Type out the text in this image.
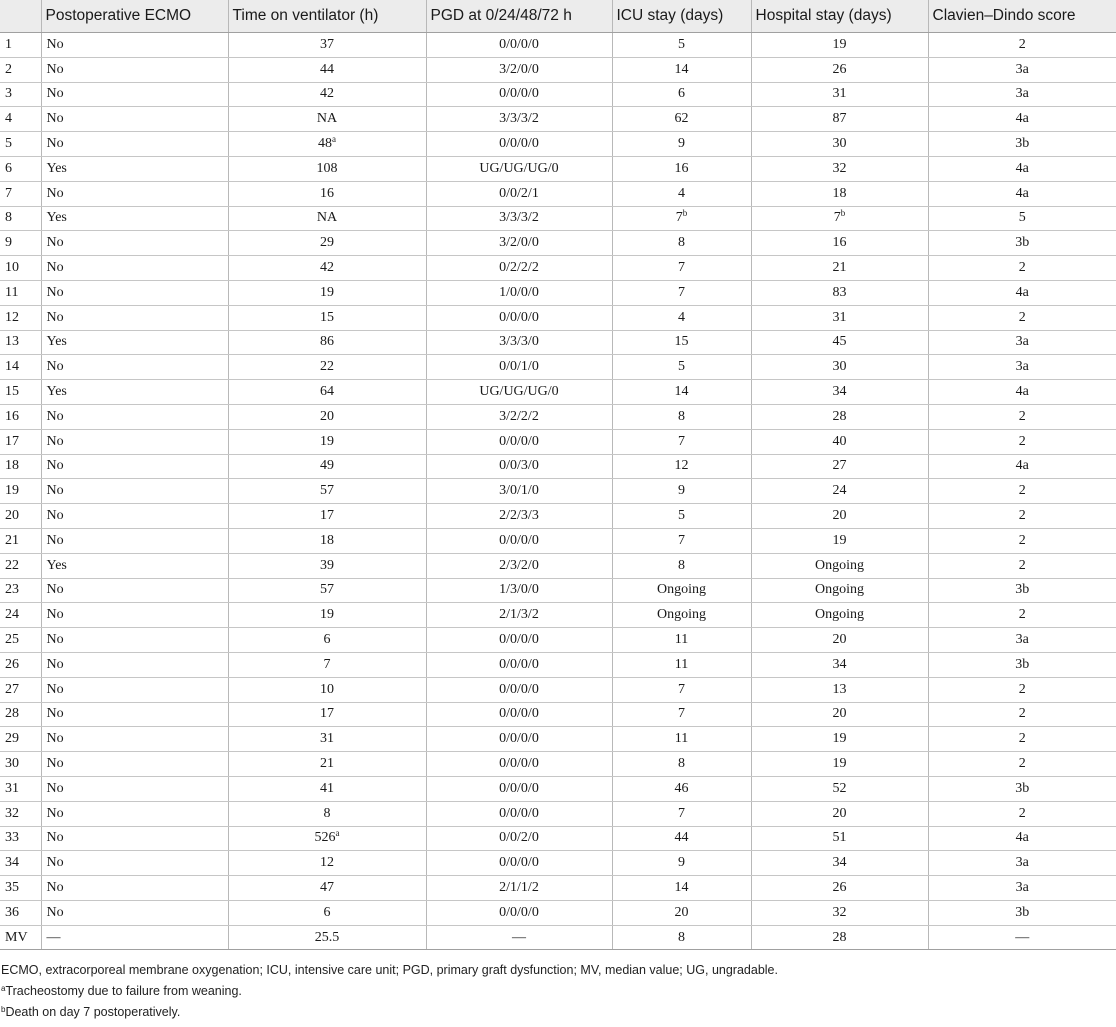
	Postoperative ECMO	Time on ventilator (h)	PGD at 0/24/48/72 h	ICU stay (days)	Hospital stay (days)	Clavien–Dindo score
1	No	37	0/0/0/0	5	19	2
2	No	44	3/2/0/0	14	26	3a
3	No	42	0/0/0/0	6	31	3a
4	No	NA	3/3/3/2	62	87	4a
5	No	48$^a$	0/0/0/0	9	30	3b
6	Yes	108	UG/UG/UG/0	16	32	4a
7	No	16	0/0/2/1	4	18	4a
8	Yes	NA	3/3/3/2	7$^b$	7$^b$	5
9	No	29	3/2/0/0	8	16	3b
10	No	42	0/2/2/2	7	21	2
11	No	19	1/0/0/0	7	83	4a
12	No	15	0/0/0/0	4	31	2
13	Yes	86	3/3/3/0	15	45	3a
14	No	22	0/0/1/0	5	30	3a
15	Yes	64	UG/UG/UG/0	14	34	4a
16	No	20	3/2/2/2	8	28	2
17	No	19	0/0/0/0	7	40	2
18	No	49	0/0/3/0	12	27	4a
19	No	57	3/0/1/0	9	24	2
20	No	17	2/2/3/3	5	20	2
21	No	18	0/0/0/0	7	19	2
22	Yes	39	2/3/2/0	8	Ongoing	2
23	No	57	1/3/0/0	Ongoing	Ongoing	3b
24	No	19	2/1/3/2	Ongoing	Ongoing	2
25	No	6	0/0/0/0	11	20	3a
26	No	7	0/0/0/0	11	34	3b
27	No	10	0/0/0/0	7	13	2
28	No	17	0/0/0/0	7	20	2
29	No	31	0/0/0/0	11	19	2
30	No	21	0/0/0/0	8	19	2
31	No	41	0/0/0/0	46	52	3b
32	No	8	0/0/0/0	7	20	2
33	No	526$^a$	0/0/2/0	44	51	4a
34	No	12	0/0/0/0	9	34	3a
35	No	47	2/1/1/2	14	26	3a
36	No	6	0/0/0/0	20	32	3b
MV	—	25.5	—	8	28	—
ECMO, extracorporeal membrane oxygenation; ICU, intensive care unit; PGD, primary graft dysfunction; MV, median value; UG, ungradable.
$^a$Tracheostomy due to failure from weaning.
$^b$Death on day 7 postoperatively.
